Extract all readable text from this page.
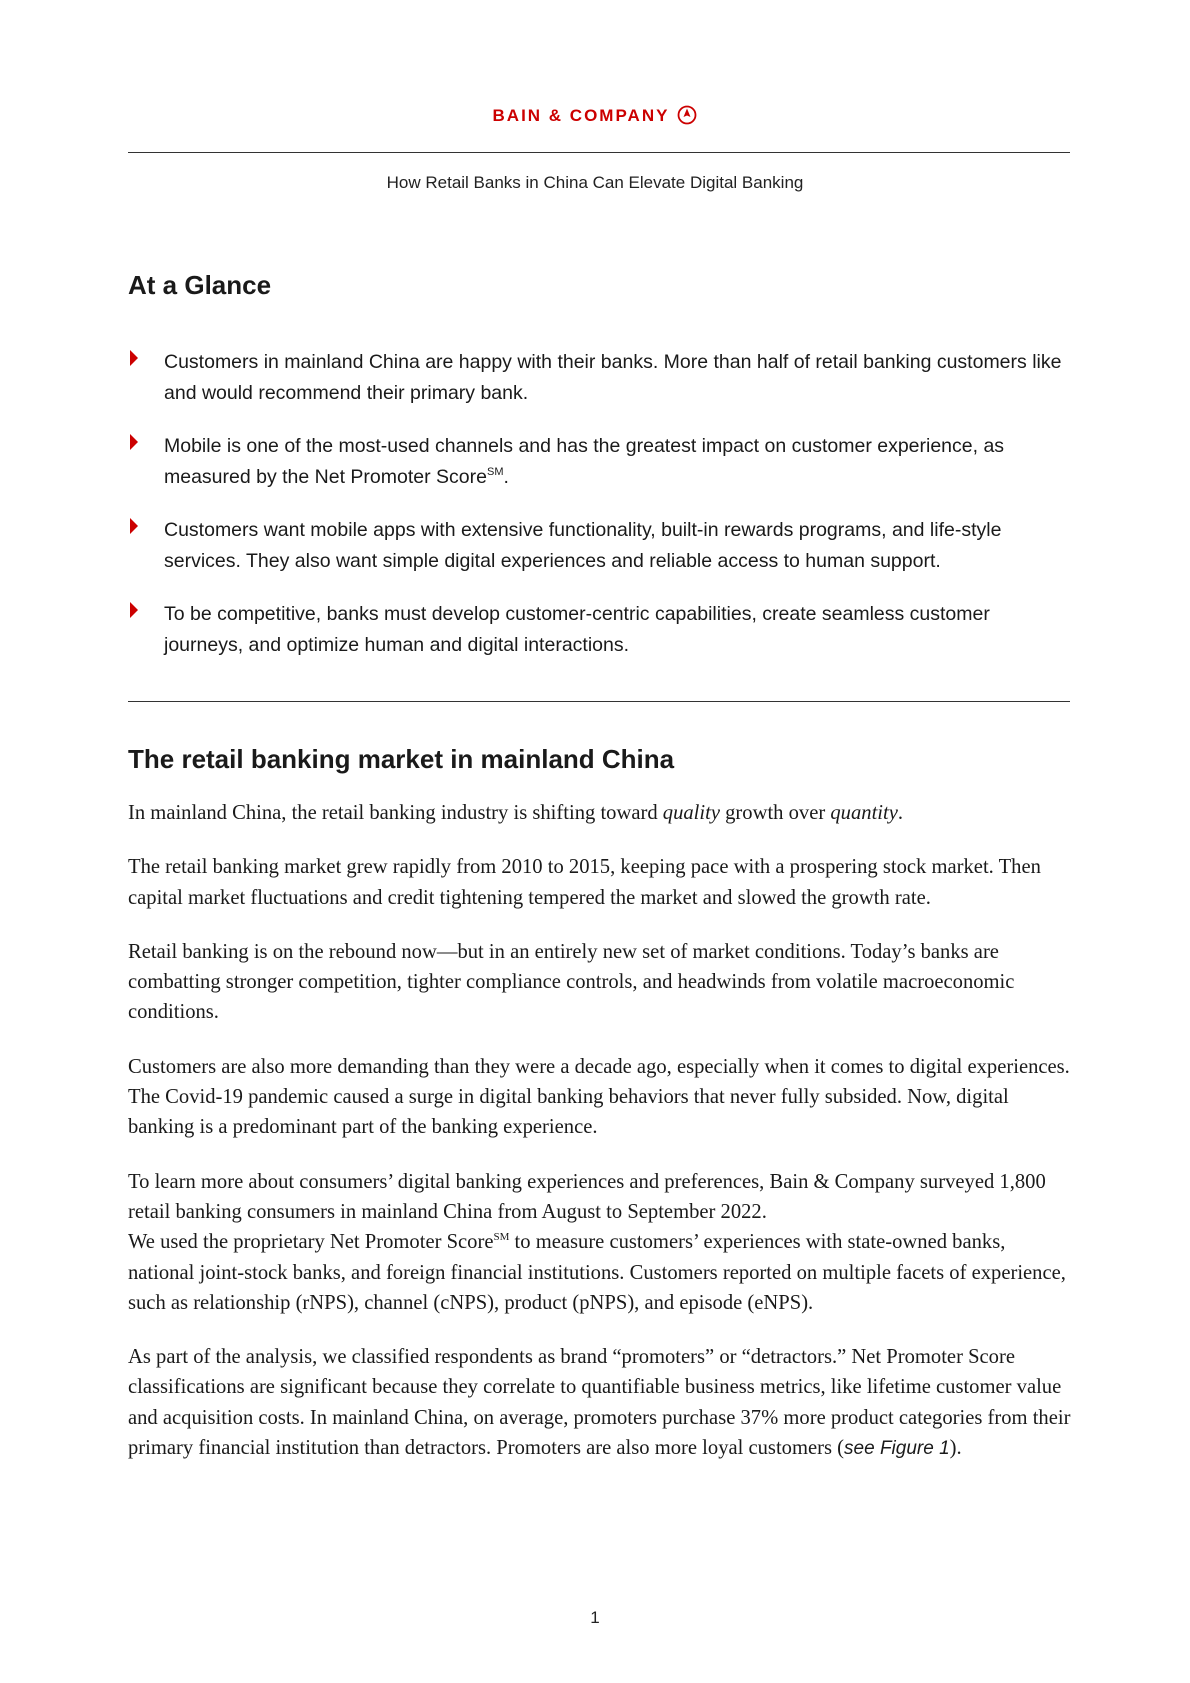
BAIN & COMPANY
How Retail Banks in China Can Elevate Digital Banking
At a Glance
Customers in mainland China are happy with their banks. More than half of retail banking customers like and would recommend their primary bank.
Mobile is one of the most-used channels and has the greatest impact on customer experience, as measured by the Net Promoter Score℠.
Customers want mobile apps with extensive functionality, built-in rewards programs, and life-style services. They also want simple digital experiences and reliable access to human support.
To be competitive, banks must develop customer-centric capabilities, create seamless customer journeys, and optimize human and digital interactions.
The retail banking market in mainland China

In mainland China, the retail banking industry is shifting toward quality growth over quantity.

The retail banking market grew rapidly from 2010 to 2015, keeping pace with a prospering stock market. Then capital market fluctuations and credit tightening tempered the market and slowed the growth rate.

Retail banking is on the rebound now—but in an entirely new set of market conditions. Today’s banks are combatting stronger competition, tighter compliance controls, and headwinds from volatile macroeconomic conditions.

Customers are also more demanding than they were a decade ago, especially when it comes to digital experiences. The Covid-19 pandemic caused a surge in digital banking behaviors that never fully subsided. Now, digital banking is a predominant part of the banking experience.

To learn more about consumers’ digital banking experiences and preferences, Bain & Company surveyed 1,800 retail banking consumers in mainland China from August to September 2022.
We used the proprietary Net Promoter Score℠ to measure customers’ experiences with state-owned banks, national joint-stock banks, and foreign financial institutions. Customers reported on multiple facets of experience, such as relationship (rNPS), channel (cNPS), product (pNPS), and episode (eNPS).

As part of the analysis, we classified respondents as brand “promoters” or “detractors.” Net Promoter Score classifications are significant because they correlate to quantifiable business metrics, like lifetime customer value and acquisition costs. In mainland China, on average, promoters purchase 37% more product categories from their primary financial institution than detractors. Promoters are also more loyal customers (see Figure 1).

1
